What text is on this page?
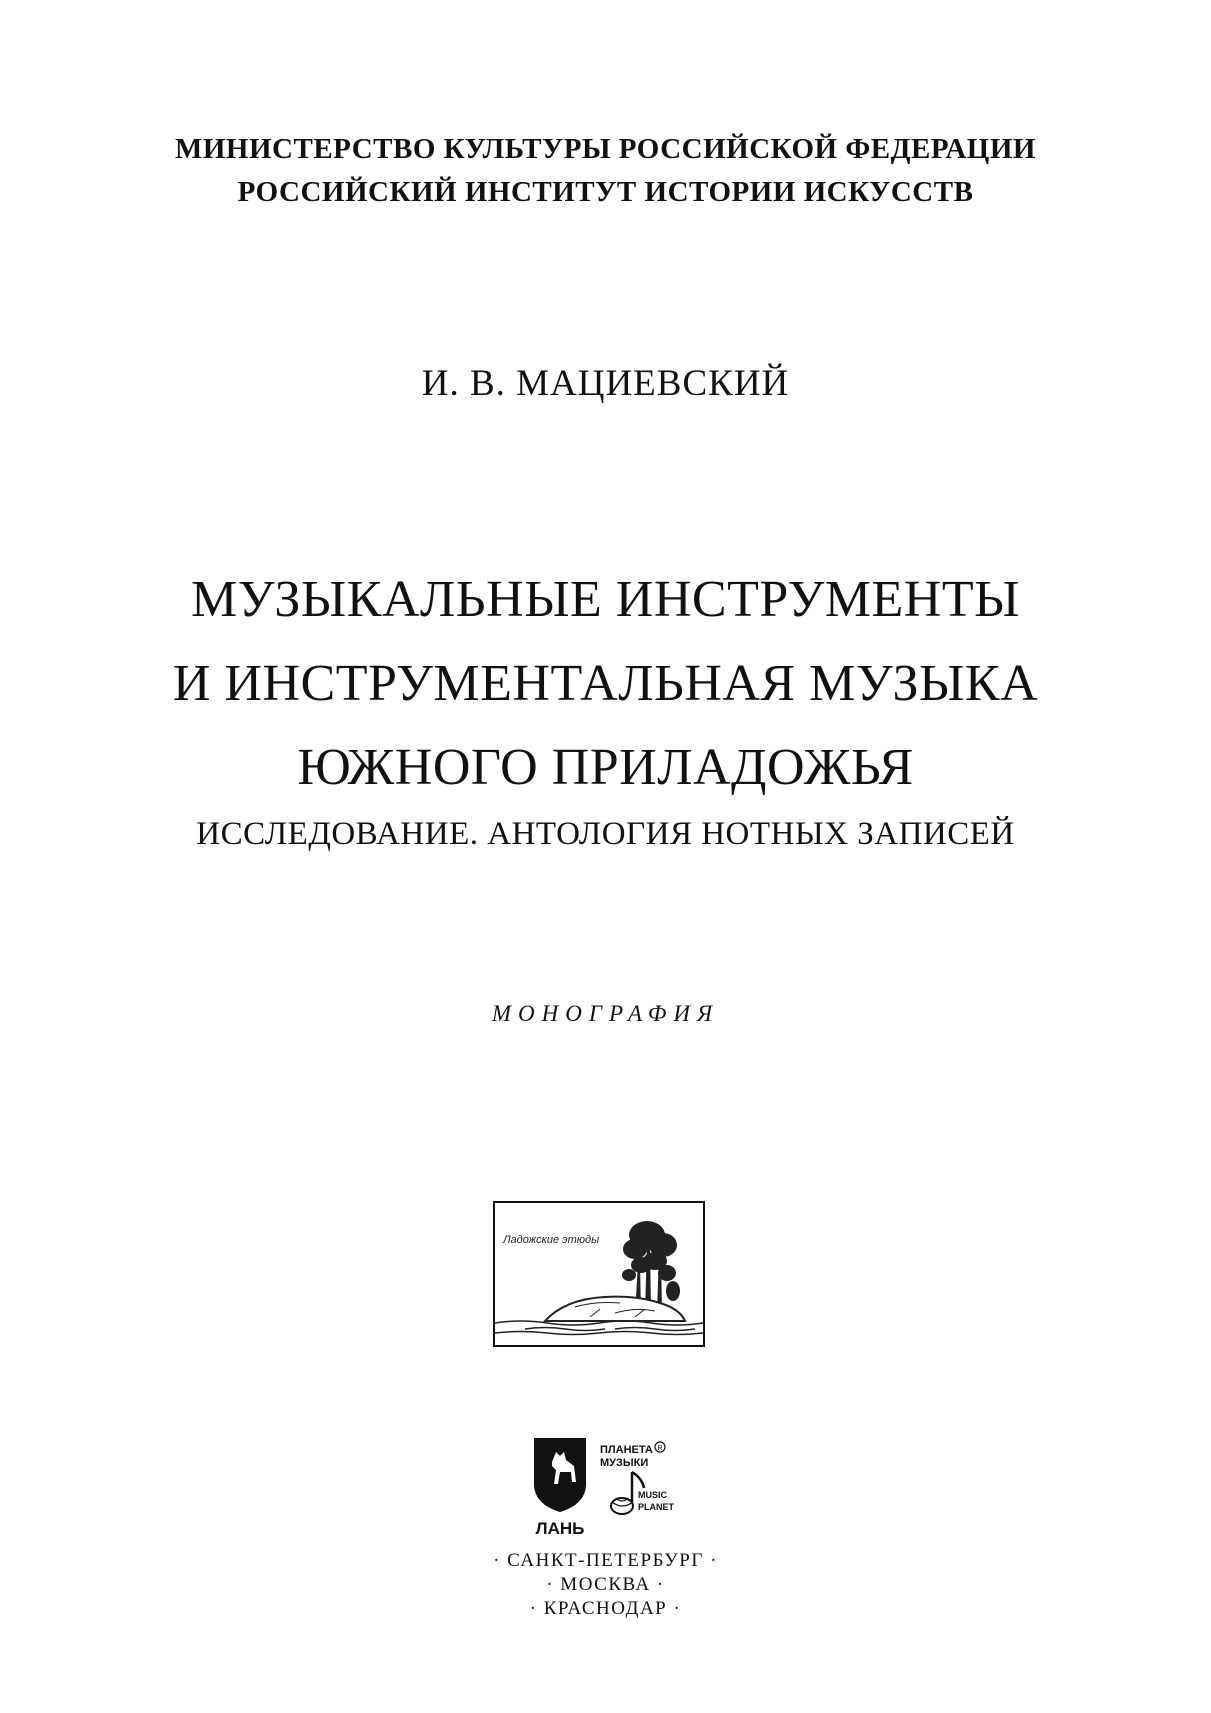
МИНИСТЕРСТВО КУЛЬТУРЫ РОССИЙСКОЙ ФЕДЕРАЦИИ
РОССИЙСКИЙ ИНСТИТУТ ИСТОРИИ ИСКУССТВ
И. В. МАЦИЕВСКИЙ
МУЗЫКАЛЬНЫЕ ИНСТРУМЕНТЫ
И ИНСТРУМЕНТАЛЬНАЯ МУЗЫКА
ЮЖНОГО ПРИЛАДОЖЬЯ
ИССЛЕДОВАНИЕ. АНТОЛОГИЯ НОТНЫХ ЗАПИСЕЙ
МОНОГРАФИЯ
Ладожские этюды
ЛАНЬ
ПЛАНЕТА
МУЗЫКИ
R
MUSIC
PLANET
· САНКТ-ПЕТЕРБУРГ ·
· МОСКВА ·
· КРАСНОДАР ·
